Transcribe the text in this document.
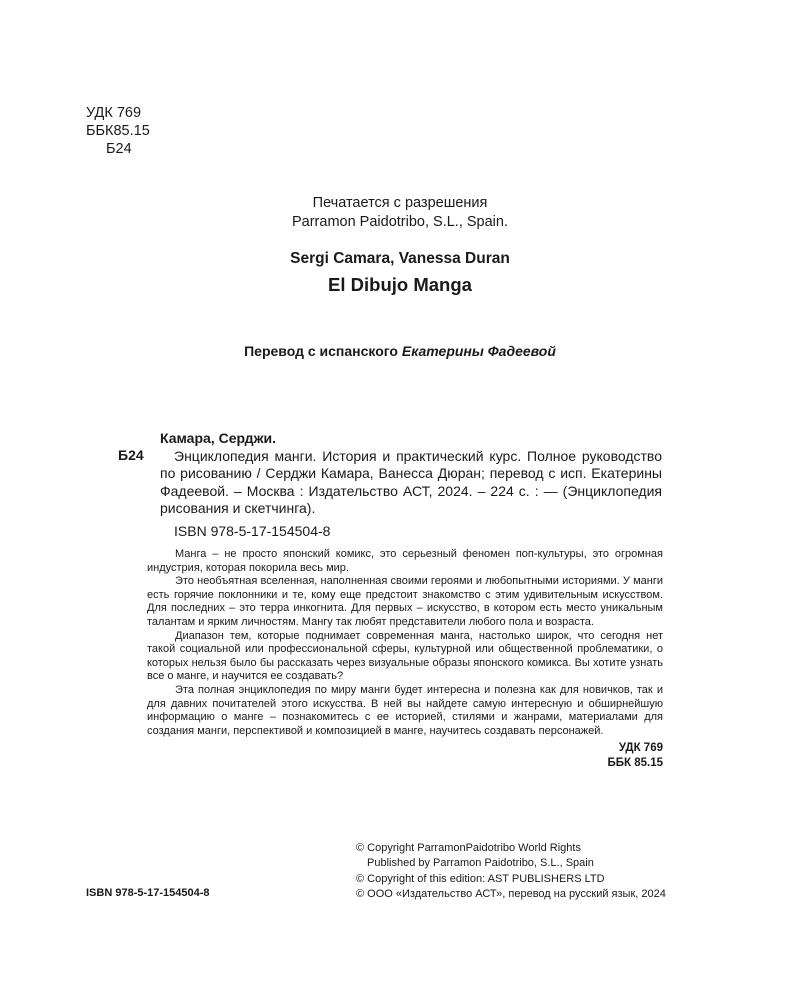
УДК 769
ББК85.15
Б24
Печатается с разрешения
Parramon Paidotribo, S.L., Spain.
Sergi Camara, Vanessa Duran
El Dibujo Manga
Перевод с испанского Екатерины Фадеевой
Б24
Камара, Серджи.
Энциклопедия манги. История и практический курс. Полное руководство по рисованию / Серджи Камара, Ванесса Дюран; перевод с исп. Екатерины Фадеевой. – Москва : Издательство АСТ, 2024. – 224 с. : — (Энциклопедия рисования и скетчинга).
ISBN 978-5-17-154504-8

Манга – не просто японский комикс, это серьезный феномен поп-культуры, это огромная индустрия, которая покорила весь мир.

Это необъятная вселенная, наполненная своими героями и любопытными историями. У манги есть горячие поклонники и те, кому еще предстоит знакомство с этим удивительным искусством. Для последних – это терра инкогнита. Для первых – искусство, в котором есть место уникальным талантам и ярким личностям. Мангу так любят представители любого пола и возраста.

Диапазон тем, которые поднимает современная манга, настолько широк, что сегодня нет такой социальной или профессиональной сферы, культурной или общественной проблематики, о которых нельзя было бы рассказать через визуальные образы японского комикса. Вы хотите узнать все о манге, и научится ее создавать?

Эта полная энциклопедия по миру манги будет интересна и полезна как для новичков, так и для давних почитателей этого искусства. В ней вы найдете самую интересную и обширнейшую информацию о манге – познакомитесь с ее историей, стилями и жанрами, материалами для создания манги, перспективой и композицией в манге, научитесь создавать персонажей.

УДК 769
ББК 85.15
© Copyright ParramonPaidotribo World Rights
Published by Parramon Paidotribo, S.L., Spain
© Copyright of this edition: AST PUBLISHERS LTD
© ООО «Издательство АСТ», перевод на русский язык, 2024
ISBN 978-5-17-154504-8
